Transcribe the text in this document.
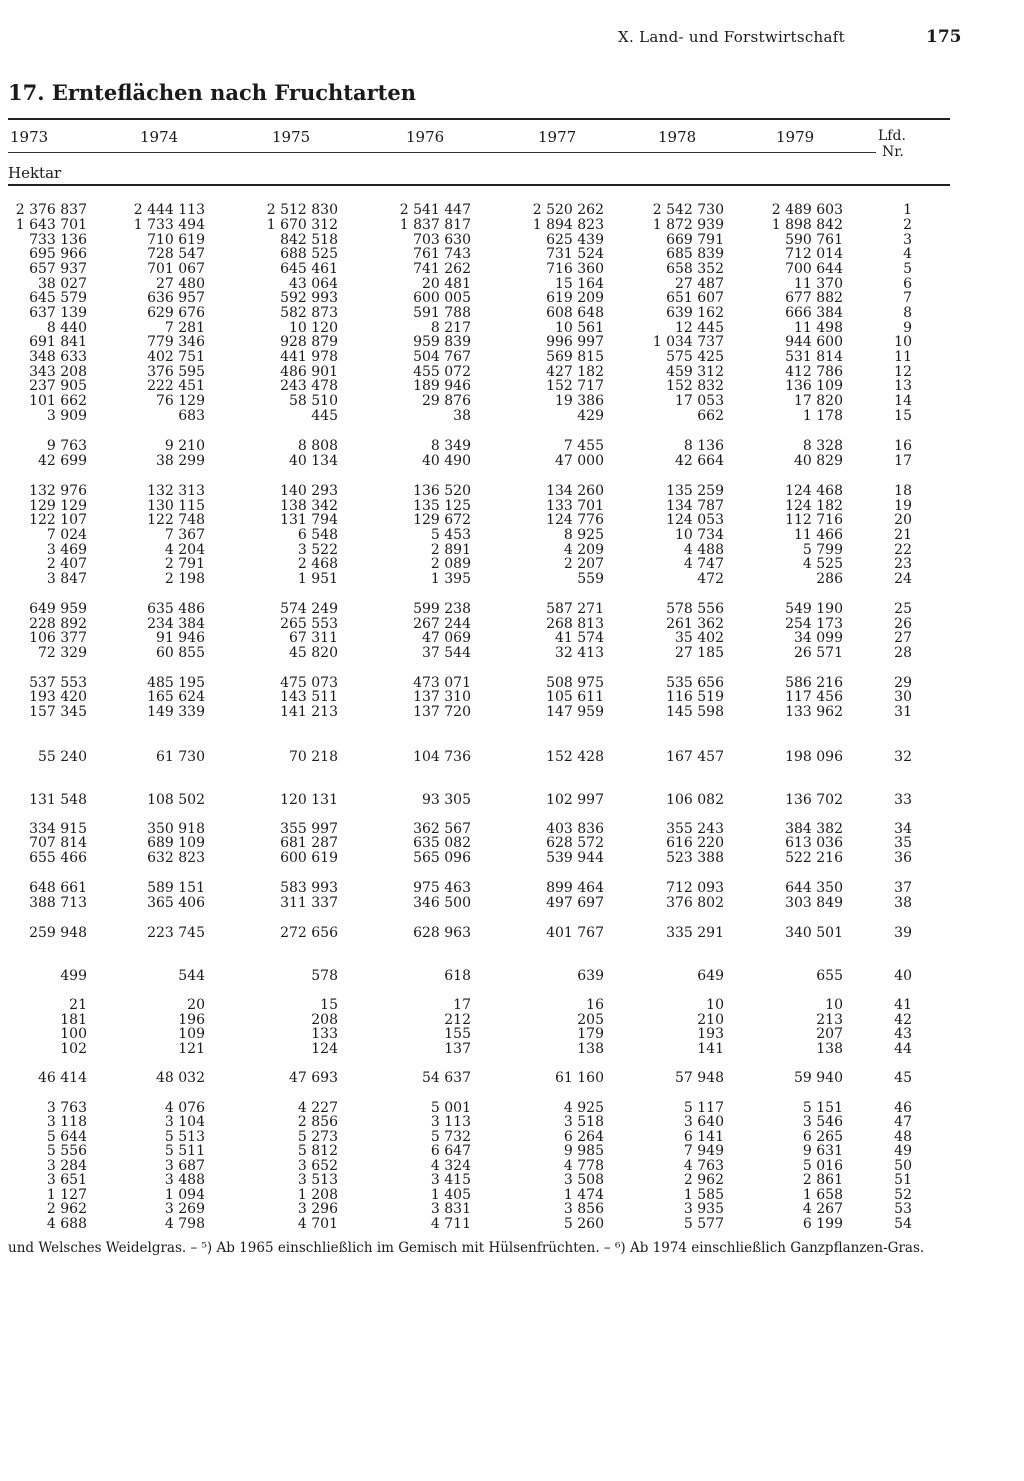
X. Land- und Forstwirtschaft	175
17. Ernteflächen nach Fruchtarten
1973	1974	1975	1976	1977	1978	1979	Lfd.
Nr.
Hektar
2 376 837	2 444 113	2 512 830	2 541 447	2 520 262	2 542 730	2 489 603	1
1 643 701	1 733 494	1 670 312	1 837 817	1 894 823	1 872 939	1 898 842	2
733 136	710 619	842 518	703 630	625 439	669 791	590 761	3
695 966	728 547	688 525	761 743	731 524	685 839	712 014	4
657 937	701 067	645 461	741 262	716 360	658 352	700 644	5
38 027	27 480	43 064	20 481	15 164	27 487	11 370	6
645 579	636 957	592 993	600 005	619 209	651 607	677 882	7
637 139	629 676	582 873	591 788	608 648	639 162	666 384	8
8 440	7 281	10 120	8 217	10 561	12 445	11 498	9
691 841	779 346	928 879	959 839	996 997	1 034 737	944 600	10
348 633	402 751	441 978	504 767	569 815	575 425	531 814	11
343 208	376 595	486 901	455 072	427 182	459 312	412 786	12
237 905	222 451	243 478	189 946	152 717	152 832	136 109	13
101 662	76 129	58 510	29 876	19 386	17 053	17 820	14
3 909	683	445	38	429	662	1 178	15
9 763	9 210	8 808	8 349	7 455	8 136	8 328	16
42 699	38 299	40 134	40 490	47 000	42 664	40 829	17
132 976	132 313	140 293	136 520	134 260	135 259	124 468	18
129 129	130 115	138 342	135 125	133 701	134 787	124 182	19
122 107	122 748	131 794	129 672	124 776	124 053	112 716	20
7 024	7 367	6 548	5 453	8 925	10 734	11 466	21
3 469	4 204	3 522	2 891	4 209	4 488	5 799	22
2 407	2 791	2 468	2 089	2 207	4 747	4 525	23
3 847	2 198	1 951	1 395	559	472	286	24
649 959	635 486	574 249	599 238	587 271	578 556	549 190	25
228 892	234 384	265 553	267 244	268 813	261 362	254 173	26
106 377	91 946	67 311	47 069	41 574	35 402	34 099	27
72 329	60 855	45 820	37 544	32 413	27 185	26 571	28
537 553	485 195	475 073	473 071	508 975	535 656	586 216	29
193 420	165 624	143 511	137 310	105 611	116 519	117 456	30
157 345	149 339	141 213	137 720	147 959	145 598	133 962	31
55 240	61 730	70 218	104 736	152 428	167 457	198 096	32
131 548	108 502	120 131	93 305	102 997	106 082	136 702	33
334 915	350 918	355 997	362 567	403 836	355 243	384 382	34
707 814	689 109	681 287	635 082	628 572	616 220	613 036	35
655 466	632 823	600 619	565 096	539 944	523 388	522 216	36
648 661	589 151	583 993	975 463	899 464	712 093	644 350	37
388 713	365 406	311 337	346 500	497 697	376 802	303 849	38
259 948	223 745	272 656	628 963	401 767	335 291	340 501	39
499	544	578	618	639	649	655	40
21	20	15	17	16	10	10	41
181	196	208	212	205	210	213	42
100	109	133	155	179	193	207	43
102	121	124	137	138	141	138	44
46 414	48 032	47 693	54 637	61 160	57 948	59 940	45
3 763	4 076	4 227	5 001	4 925	5 117	5 151	46
3 118	3 104	2 856	3 113	3 518	3 640	3 546	47
5 644	5 513	5 273	5 732	6 264	6 141	6 265	48
5 556	5 511	5 812	6 647	9 985	7 949	9 631	49
3 284	3 687	3 652	4 324	4 778	4 763	5 016	50
3 651	3 488	3 513	3 415	3 508	2 962	2 861	51
1 127	1 094	1 208	1 405	1 474	1 585	1 658	52
2 962	3 269	3 296	3 831	3 856	3 935	4 267	53
4 688	4 798	4 701	4 711	5 260	5 577	6 199	54
und Welsches Weidelgras. – ⁵) Ab 1965 einschließlich im Gemisch mit Hülsenfrüchten. – ⁶) Ab 1974 einschließlich Ganzpflanzen-Gras.
